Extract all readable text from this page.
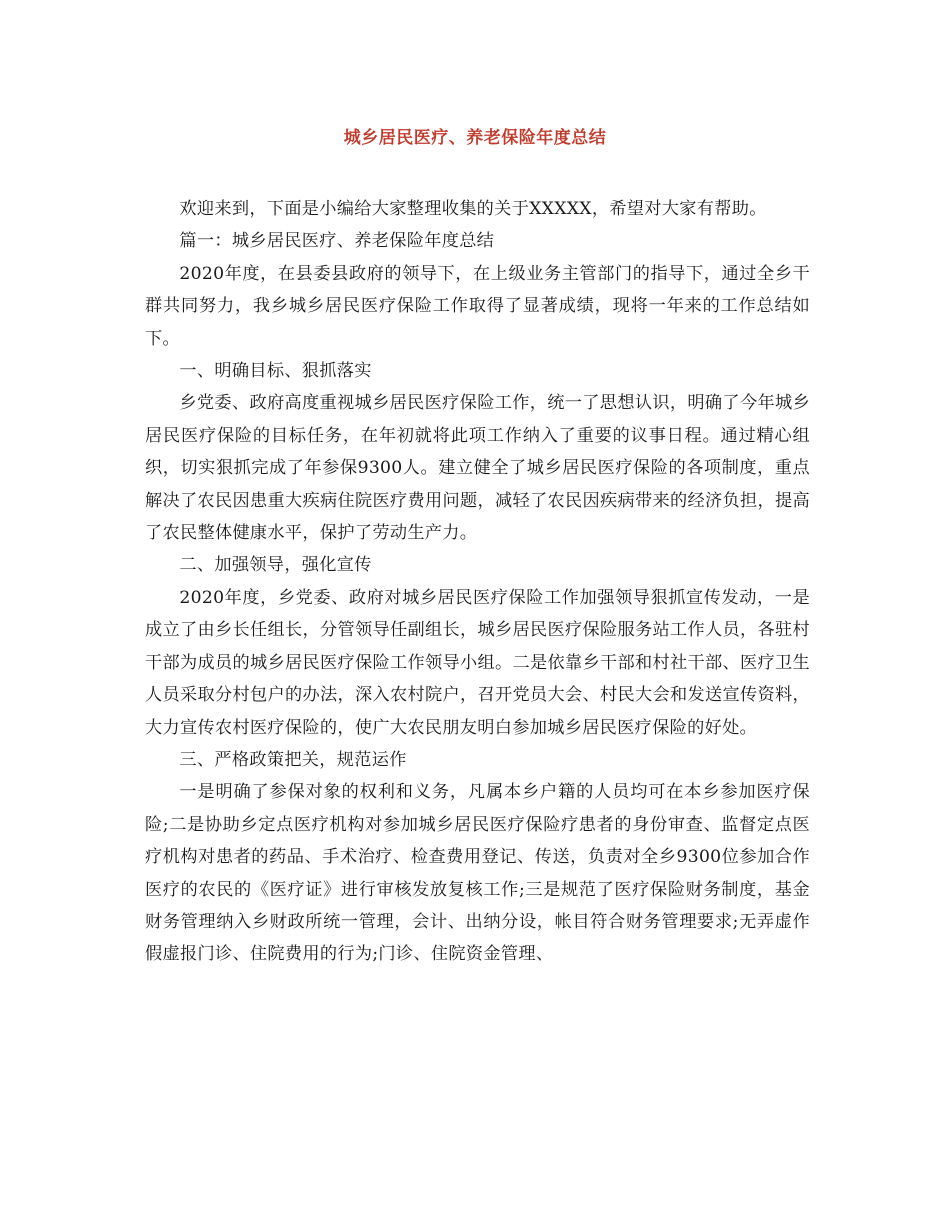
城乡居民医疗、养老保险年度总结

欢迎来到，下面是小编给大家整理收集的关于XXXXX，希望对大家有帮助。

篇一：城乡居民医疗、养老保险年度总结

2020年度，在县委县政府的领导下，在上级业务主管部门的指导下，通过全乡干群共同努力，我乡城乡居民医疗保险工作取得了显著成绩，现将一年来的工作总结如下。

一、明确目标、狠抓落实

乡党委、政府高度重视城乡居民医疗保险工作，统一了思想认识，明确了今年城乡居民医疗保险的目标任务，在年初就将此项工作纳入了重要的议事日程。通过精心组织，切实狠抓完成了年参保9300人。建立健全了城乡居民医疗保险的各项制度，重点解决了农民因患重大疾病住院医疗费用问题，减轻了农民因疾病带来的经济负担，提高了农民整体健康水平，保护了劳动生产力。

二、加强领导，强化宣传

2020年度，乡党委、政府对城乡居民医疗保险工作加强领导狠抓宣传发动，一是成立了由乡长任组长，分管领导任副组长，城乡居民医疗保险服务站工作人员，各驻村干部为成员的城乡居民医疗保险工作领导小组。二是依靠乡干部和村社干部、医疗卫生人员采取分村包户的办法，深入农村院户，召开党员大会、村民大会和发送宣传资料，大力宣传农村医疗保险的，使广大农民朋友明白参加城乡居民医疗保险的好处。

三、严格政策把关，规范运作

一是明确了参保对象的权利和义务，凡属本乡户籍的人员均可在本乡参加医疗保险;二是协助乡定点医疗机构对参加城乡居民医疗保险疗患者的身份审查、监督定点医疗机构对患者的药品、手术治疗、检查费用登记、传送，负责对全乡9300位参加合作医疗的农民的《医疗证》进行审核发放复核工作;三是规范了医疗保险财务制度，基金财务管理纳入乡财政所统一管理，会计、出纳分设，帐目符合财务管理要求;无弄虚作假虚报门诊、住院费用的行为;门诊、住院资金管理、
